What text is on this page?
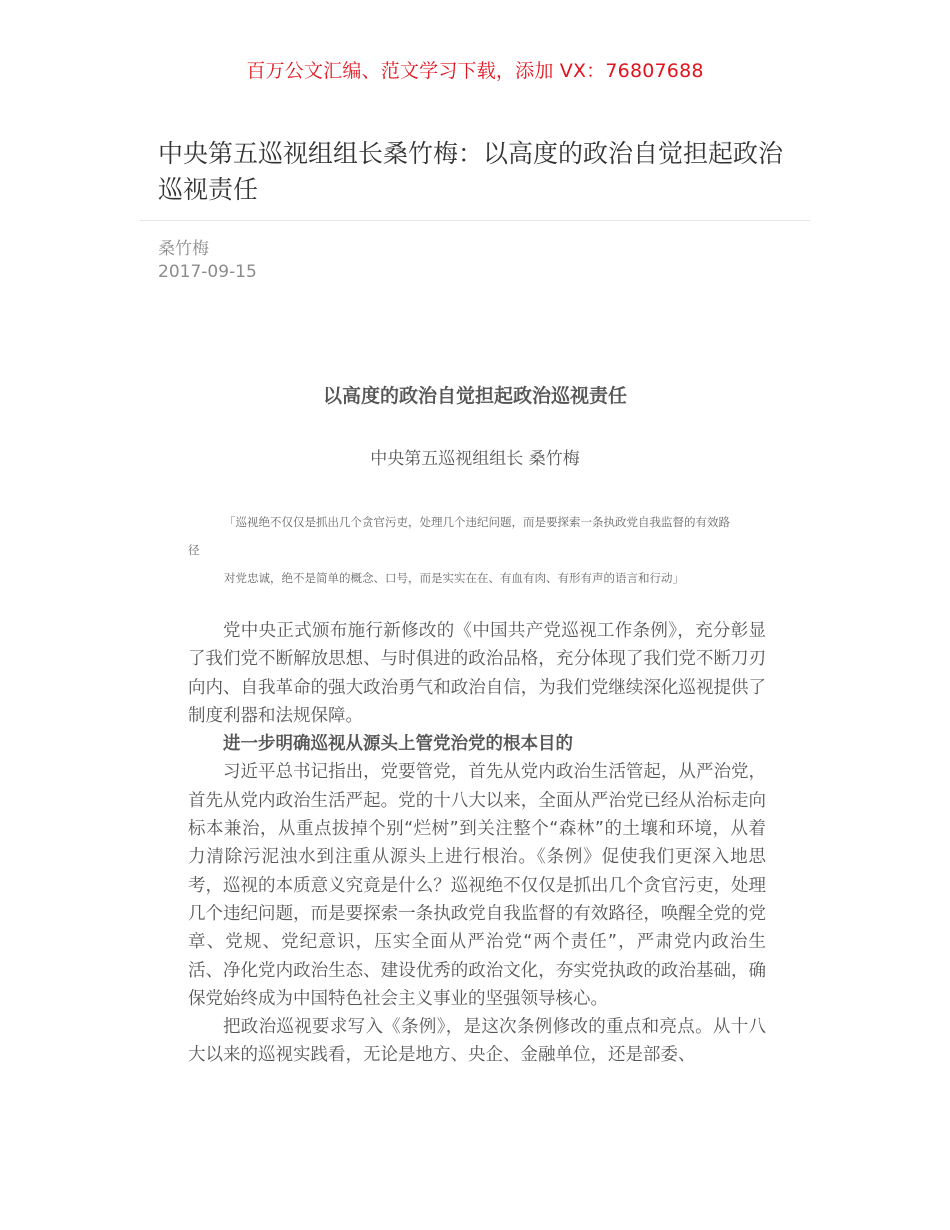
百万公文汇编、范文学习下载，添加 VX：76807688
中央第五巡视组组长桑竹梅：以高度的政治自觉担起政治巡视责任
桑竹梅
2017-09-15
以高度的政治自觉担起政治巡视责任
中央第五巡视组组长 桑竹梅

「巡视绝不仅仅是抓出几个贪官污吏，处理几个违纪问题，而是要探索一条执政党自我监督的有效路

径

对党忠诚，绝不是简单的概念、口号，而是实实在在、有血有肉、有形有声的语言和行动」

党中央正式颁布施行新修改的《中国共产党巡视工作条例》，充分彰显了我们党不断解放思想、与时俱进的政治品格，充分体现了我们党不断刀刃向内、自我革命的强大政治勇气和政治自信，为我们党继续深化巡视提供了制度利器和法规保障。

进一步明确巡视从源头上管党治党的根本目的

习近平总书记指出，党要管党，首先从党内政治生活管起，从严治党，首先从党内政治生活严起。党的十八大以来，全面从严治党已经从治标走向标本兼治，从重点拔掉个别“烂树”到关注整个“森林”的土壤和环境，从着力清除污泥浊水到注重从源头上进行根治。《条例》促使我们更深入地思考，巡视的本质意义究竟是什么？巡视绝不仅仅是抓出几个贪官污吏，处理几个违纪问题，而是要探索一条执政党自我监督的有效路径，唤醒全党的党章、党规、党纪意识，压实全面从严治党“两个责任”，严肃党内政治生活、净化党内政治生态、建设优秀的政治文化，夯实党执政的政治基础，确保党始终成为中国特色社会主义事业的坚强领导核心。

把政治巡视要求写入《条例》，是这次条例修改的重点和亮点。从十八大以来的巡视实践看，无论是地方、央企、金融单位，还是部委、
